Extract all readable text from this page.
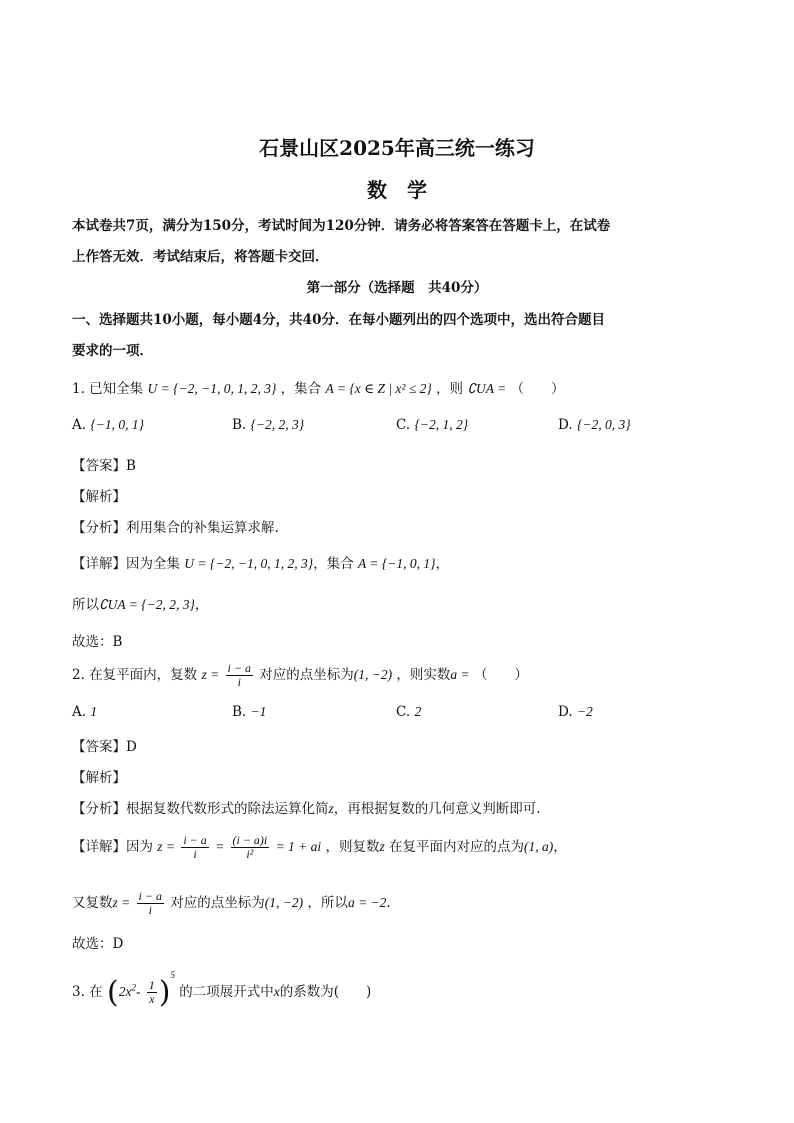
石景山区2025年高三统一练习
数　学
本试卷共7页，满分为150分，考试时间为120分钟．请务必将答案答在答题卡上，在试卷
上作答无效．考试结束后，将答题卡交回．
第一部分（选择题　共40分）
一、选择题共10小题，每小题4分，共40分．在每小题列出的四个选项中，选出符合题目
要求的一项．
1. 已知全集 U = {−2, −1, 0, 1, 2, 3} ，集合 A = {x ∈ Z | x² ≤ 2} ，则 ∁UA = （　　）
A. {−1, 0, 1}	B. {−2, 2, 3}	C. {−2, 1, 2}	D. {−2, 0, 3}
【答案】B
【解析】
【分析】利用集合的补集运算求解.
【详解】因为全集 U = {−2, −1, 0, 1, 2, 3}，集合 A = {−1, 0, 1}，
所以∁UA = {−2, 2, 3}，
故选：B
2. 在复平面内，复数 $z = \frac{i - a}{i}$ 对应的点坐标为(1, −2) ，则实数a = （　　）
A. 1	B. −1	C. 2	D. −2
【答案】D
【解析】
【分析】根据复数代数形式的除法运算化简z，再根据复数的几何意义判断即可.
【详解】因为 $z = \frac{i - a}{i} = \frac{(i - a)i}{\text{i²}} = 1$ + ai ，则复数z 在复平面内对应的点为(1, a)，
又复数$z = \frac{i - a}{i}$ 对应的点坐标为(1, −2) ，所以a = −2.
故选：D
3. 在 $(2x^2- \frac{1}{x} )^5$ 的二项展开式中x的系数为(　　)
